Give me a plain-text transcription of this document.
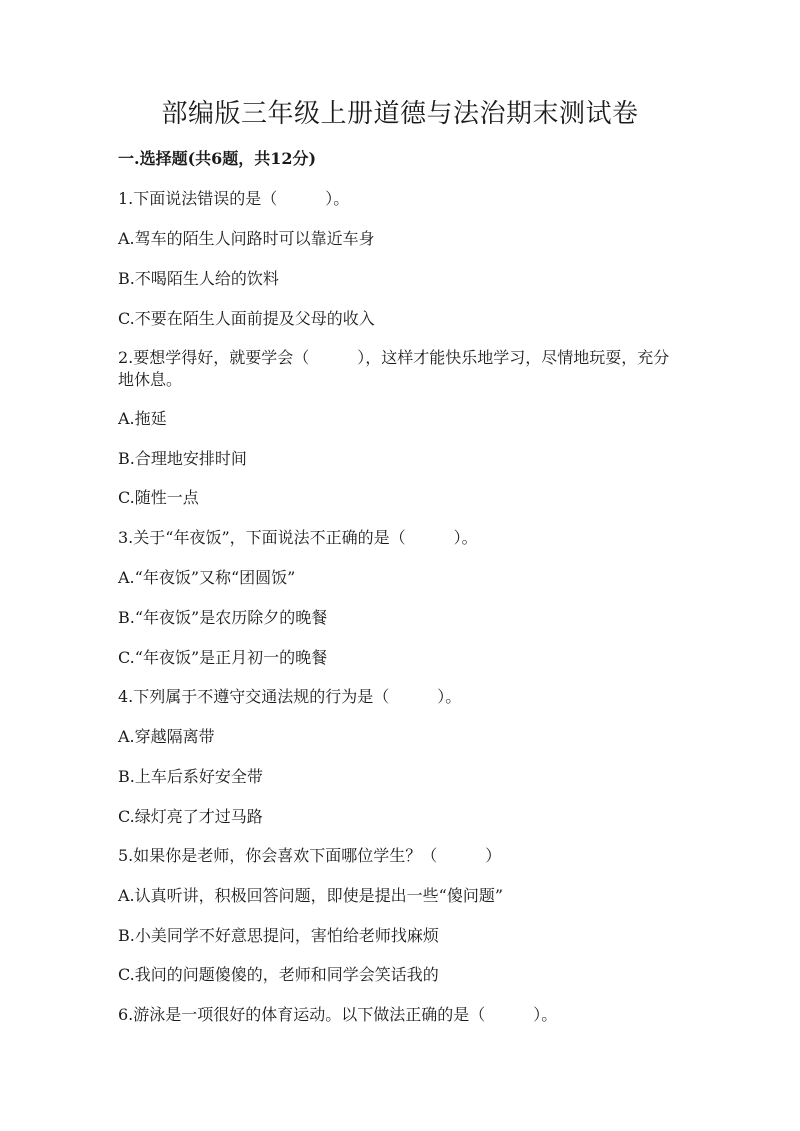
部编版三年级上册道德与法治期末测试卷
一.选择题(共6题，共12分)
1.下面说法错误的是（　　　）。
A.驾车的陌生人问路时可以靠近车身
B.不喝陌生人给的饮料
C.不要在陌生人面前提及父母的收入
2.要想学得好，就要学会（　　　），这样才能快乐地学习，尽情地玩耍，充分地休息。
A.拖延
B.合理地安排时间
C.随性一点
3.关于“年夜饭”，下面说法不正确的是（　　　）。
A.“年夜饭”又称“团圆饭”
B.“年夜饭”是农历除夕的晚餐
C.“年夜饭”是正月初一的晚餐
4.下列属于不遵守交通法规的行为是（　　　）。
A.穿越隔离带
B.上车后系好安全带
C.绿灯亮了才过马路
5.如果你是老师，你会喜欢下面哪位学生？（　　　）
A.认真听讲，积极回答问题，即使是提出一些“傻问题”
B.小美同学不好意思提问，害怕给老师找麻烦
C.我问的问题傻傻的，老师和同学会笑话我的
6.游泳是一项很好的体育运动。以下做法正确的是（　　　）。
